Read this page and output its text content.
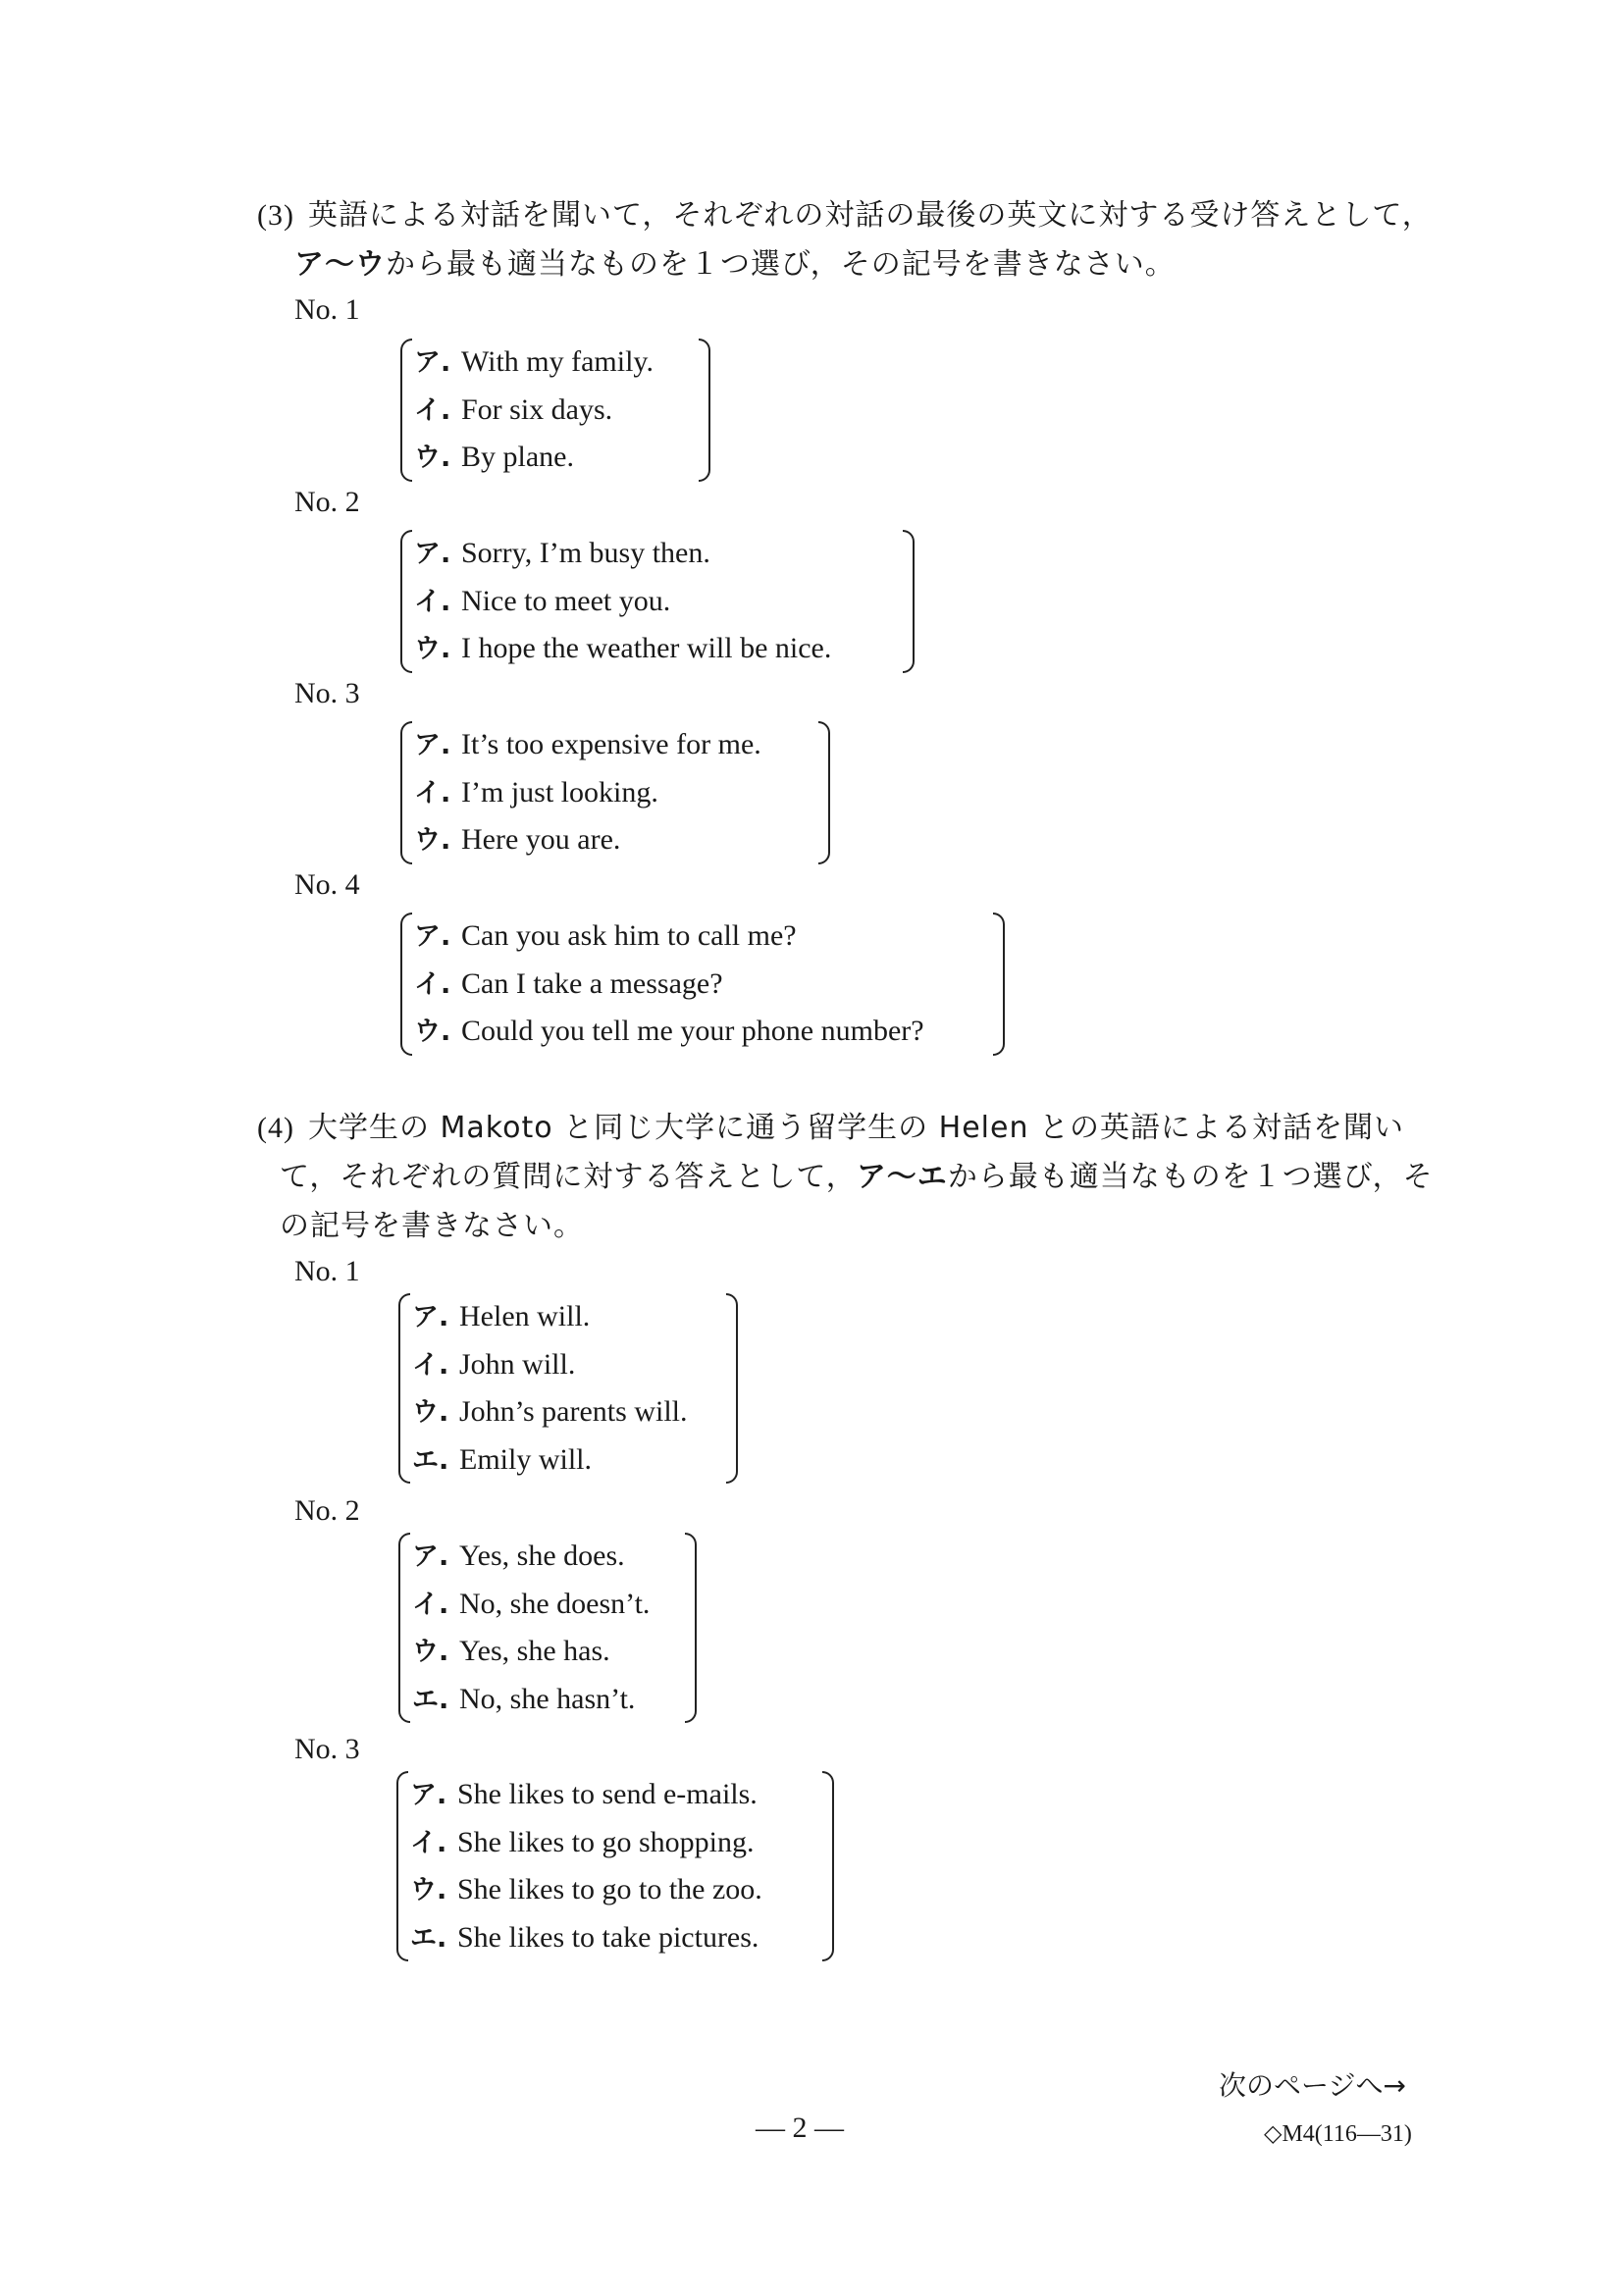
(3) 英語による対話を聞いて，それぞれの対話の最後の英文に対する受け答えとして，
ア～ウから最も適当なものを１つ選び，その記号を書きなさい。
No. 1
ア. With my family.
イ. For six days.
ウ. By plane.
No. 2
ア. Sorry, I’m busy then.
イ. Nice to meet you.
ウ. I hope the weather will be nice.
No. 3
ア. It’s too expensive for me.
イ. I’m just looking.
ウ. Here you are.
No. 4
ア. Can you ask him to call me?
イ. Can I take a message?
ウ. Could you tell me your phone number?
(4) 大学生の Makoto と同じ大学に通う留学生の Helen との英語による対話を聞い
て，それぞれの質問に対する答えとして，ア～エから最も適当なものを１つ選び，そ
の記号を書きなさい。
No. 1
ア. Helen will.
イ. John will.
ウ. John’s parents will.
エ. Emily will.
No. 2
ア. Yes, she does.
イ. No, she doesn’t.
ウ. Yes, she has.
エ. No, she hasn’t.
No. 3
ア. She likes to send e-mails.
イ. She likes to go shopping.
ウ. She likes to go to the zoo.
エ. She likes to take pictures.
次のページへ→
— 2 —	◇M4(116—31)
